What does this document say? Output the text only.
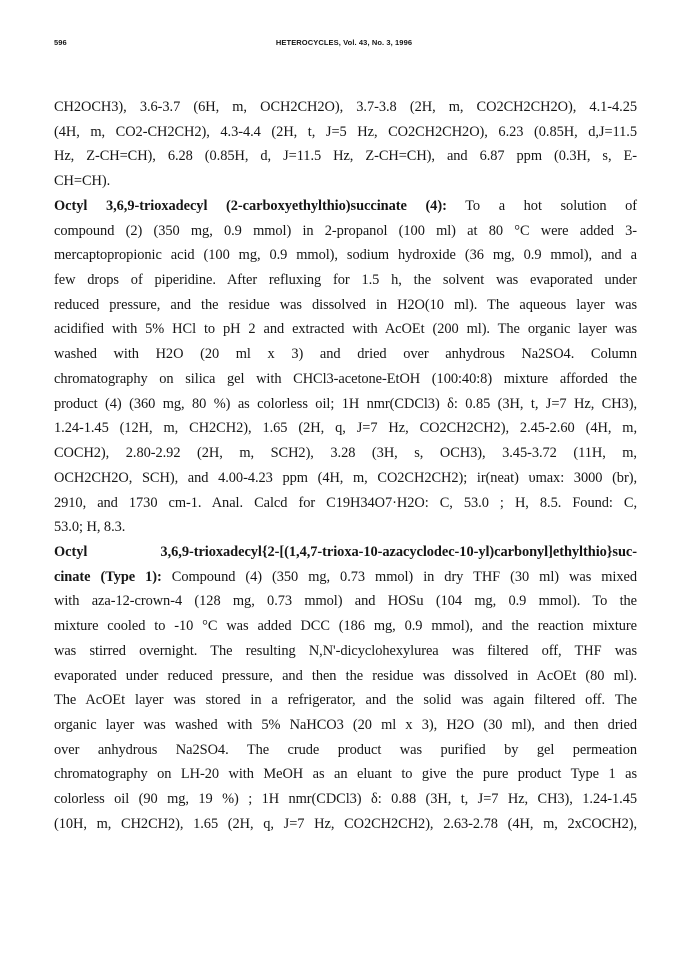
596	HETEROCYCLES, Vol. 43, No. 3, 1996
CH2OCH3), 3.6-3.7 (6H, m, OCH2CH2O), 3.7-3.8 (2H, m, CO2CH2CH2O), 4.1-4.25
(4H, m, CO2-CH2CH2), 4.3-4.4 (2H, t, J=5 Hz, CO2CH2CH2O), 6.23 (0.85H, d,J=11.5
Hz, Z-CH=CH), 6.28 (0.85H, d, J=11.5 Hz, Z-CH=CH), and 6.87 ppm (0.3H, s, E-
CH=CH).
Octyl 3,6,9-trioxadecyl (2-carboxyethylthio)succinate (4): To a hot solution of
compound (2) (350 mg, 0.9 mmol) in 2-propanol (100 ml) at 80 °C were added 3-
mercaptopropionic acid (100 mg, 0.9 mmol), sodium hydroxide (36 mg, 0.9 mmol), and a
few drops of piperidine. After refluxing for 1.5 h, the solvent was evaporated under
reduced pressure, and the residue was dissolved in H2O(10 ml). The aqueous layer was
acidified with 5% HCl to pH 2 and extracted with AcOEt (200 ml). The organic layer was
washed with H2O (20 ml x 3) and dried over anhydrous Na2SO4. Column
chromatography on silica gel with CHCl3-acetone-EtOH (100:40:8) mixture afforded the
product (4) (360 mg, 80 %) as colorless oil; 1H nmr(CDCl3) δ: 0.85 (3H, t, J=7 Hz, CH3),
1.24-1.45 (12H, m, CH2CH2), 1.65 (2H, q, J=7 Hz, CO2CH2CH2), 2.45-2.60 (4H, m,
COCH2), 2.80-2.92 (2H, m, SCH2), 3.28 (3H, s, OCH3), 3.45-3.72 (11H, m,
OCH2CH2O, SCH), and 4.00-4.23 ppm (4H, m, CO2CH2CH2); ir(neat) υmax: 3000 (br),
2910, and 1730 cm-1. Anal. Calcd for C19H34O7·H2O: C, 53.0 ; H, 8.5. Found: C,
53.0; H, 8.3.
Octyl 3,6,9-trioxadecyl{2-[(1,4,7-trioxa-10-azacyclodec-10-yl)carbonyl]ethylthio}suc-
cinate (Type 1): Compound (4) (350 mg, 0.73 mmol) in dry THF (30 ml) was mixed
with aza-12-crown-4 (128 mg, 0.73 mmol) and HOSu (104 mg, 0.9 mmol). To the
mixture cooled to -10 °C was added DCC (186 mg, 0.9 mmol), and the reaction mixture
was stirred overnight. The resulting N,N'-dicyclohexylurea was filtered off, THF was
evaporated under reduced pressure, and then the residue was dissolved in AcOEt (80 ml).
The AcOEt layer was stored in a refrigerator, and the solid was again filtered off. The
organic layer was washed with 5% NaHCO3 (20 ml x 3), H2O (30 ml), and then dried
over anhydrous Na2SO4. The crude product was purified by gel permeation
chromatography on LH-20 with MeOH as an eluant to give the pure product Type 1 as
colorless oil (90 mg, 19 %) ; 1H nmr(CDCl3) δ: 0.88 (3H, t, J=7 Hz, CH3), 1.24-1.45
(10H, m, CH2CH2), 1.65 (2H, q, J=7 Hz, CO2CH2CH2), 2.63-2.78 (4H, m, 2xCOCH2),
